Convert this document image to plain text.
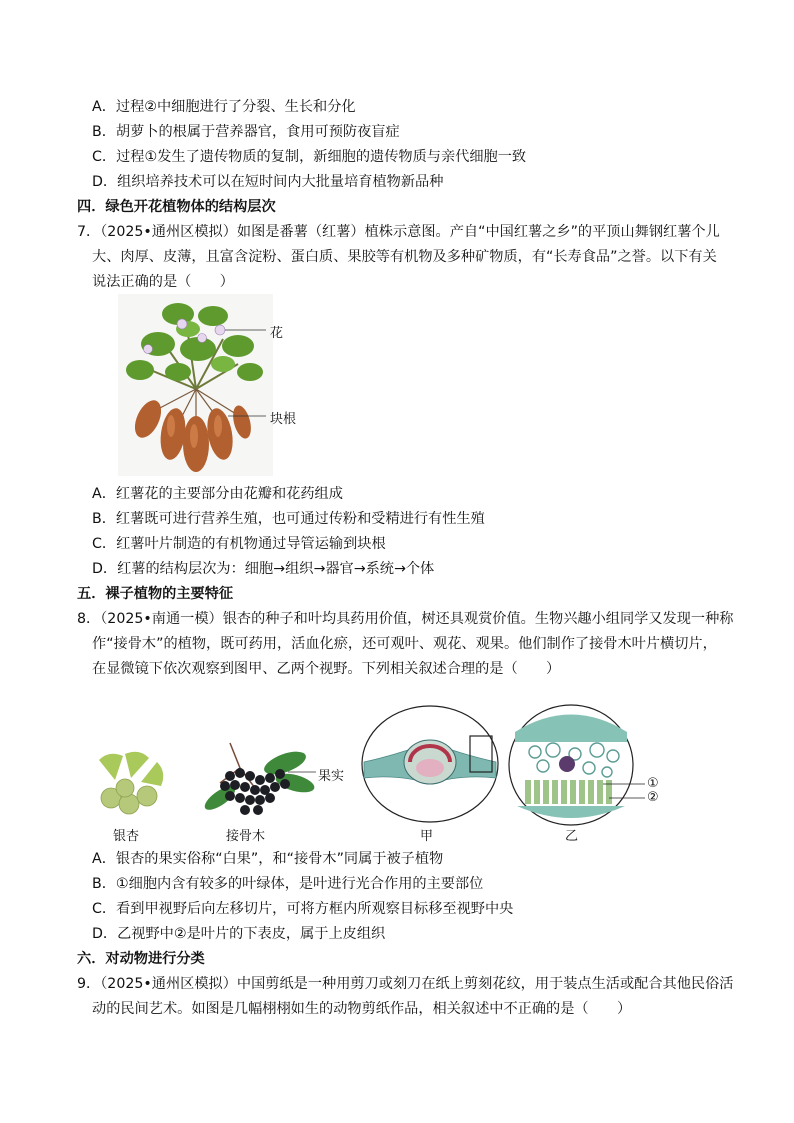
A．过程②中细胞进行了分裂、生长和分化
B．胡萝卜的根属于营养器官，食用可预防夜盲症
C．过程①发生了遗传物质的复制，新细胞的遗传物质与亲代细胞一致
D．组织培养技术可以在短时间内大批量培育植物新品种
四．绿色开花植物体的结构层次
7．（2025•通州区模拟）如图是番薯（红薯）植株示意图。产自“中国红薯之乡”的平顶山舞钢红薯个儿
大、肉厚、皮薄，且富含淀粉、蛋白质、果胶等有机物及多种矿物质，有“长寿食品”之誉。以下有关
说法正确的是（　　）
花
块根
A．红薯花的主要部分由花瓣和花药组成
B．红薯既可进行营养生殖，也可通过传粉和受精进行有性生殖
C．红薯叶片制造的有机物通过导管运输到块根
D．红薯的结构层次为：细胞→组织→器官→系统→个体
五．裸子植物的主要特征
8．（2025•南通一模）银杏的种子和叶均具药用价值，树还具观赏价值。生物兴趣小组同学又发现一种称
作“接骨木”的植物，既可药用，活血化瘀，还可观叶、观花、观果。他们制作了接骨木叶片横切片，
在显微镜下依次观察到图甲、乙两个视野。下列相关叙述合理的是（　　）
银杏	接骨木
果实
甲
①
②
乙
A．银杏的果实俗称“白果”，和“接骨木”同属于被子植物
B．①细胞内含有较多的叶绿体，是叶进行光合作用的主要部位
C．看到甲视野后向左移切片，可将方框内所观察目标移至视野中央
D．乙视野中②是叶片的下表皮，属于上皮组织
六．对动物进行分类
9．（2025•通州区模拟）中国剪纸是一种用剪刀或刻刀在纸上剪刻花纹，用于装点生活或配合其他民俗活
动的民间艺术。如图是几幅栩栩如生的动物剪纸作品，相关叙述中不正确的是（　　）
